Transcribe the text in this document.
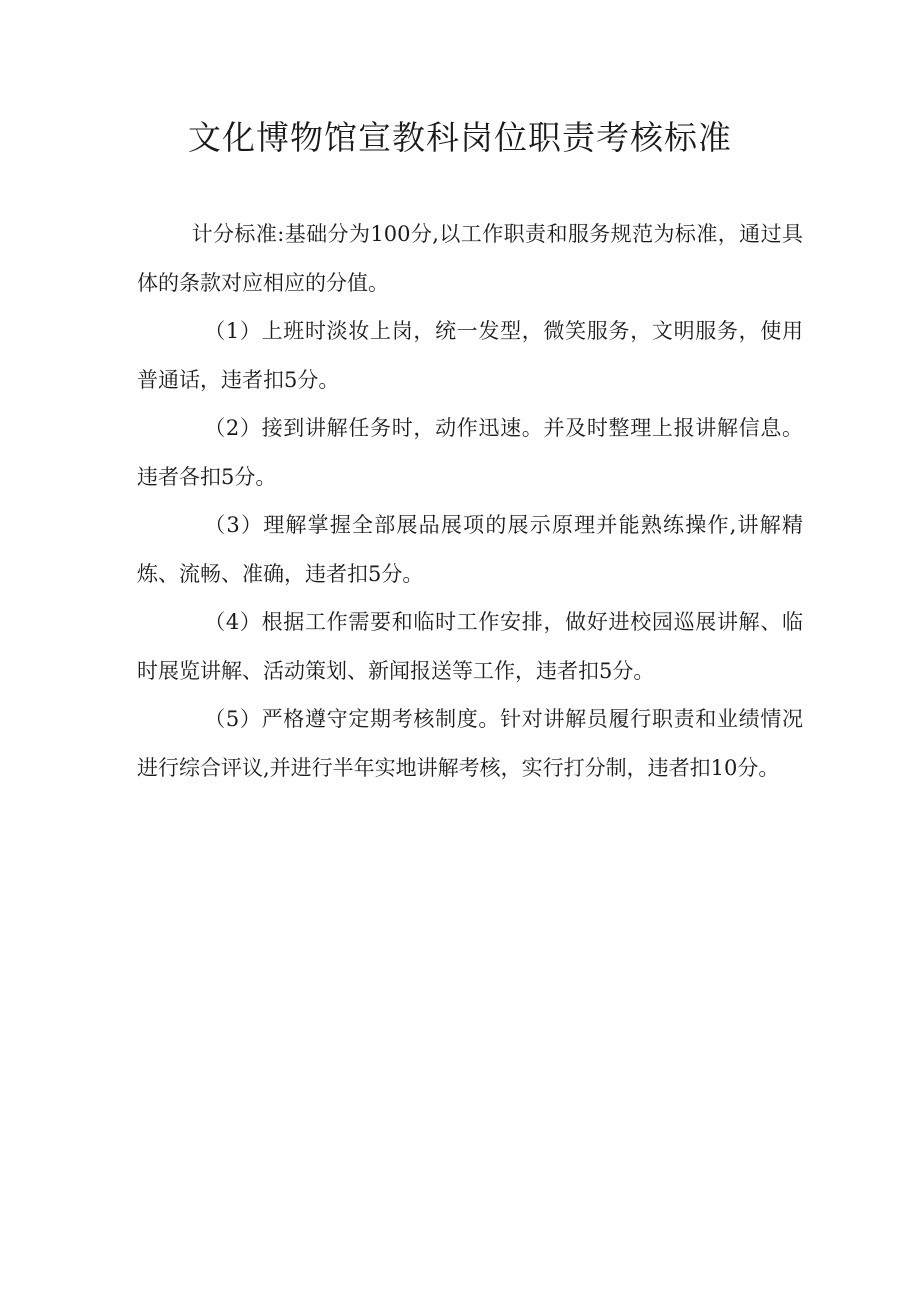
文化博物馆宣教科岗位职责考核标准

计分标准:基础分为100分,以工作职责和服务规范为标准，通过具体的条款对应相应的分值。

（1）上班时淡妆上岗，统一发型，微笑服务，文明服务，使用普通话，违者扣5分。

（2）接到讲解任务时，动作迅速。并及时整理上报讲解信息。违者各扣5分。

（3）理解掌握全部展品展项的展示原理并能熟练操作,讲解精炼、流畅、准确，违者扣5分。

（4）根据工作需要和临时工作安排，做好进校园巡展讲解、临时展览讲解、活动策划、新闻报送等工作，违者扣5分。

（5）严格遵守定期考核制度。针对讲解员履行职责和业绩情况进行综合评议,并进行半年实地讲解考核，实行打分制，违者扣10分。
